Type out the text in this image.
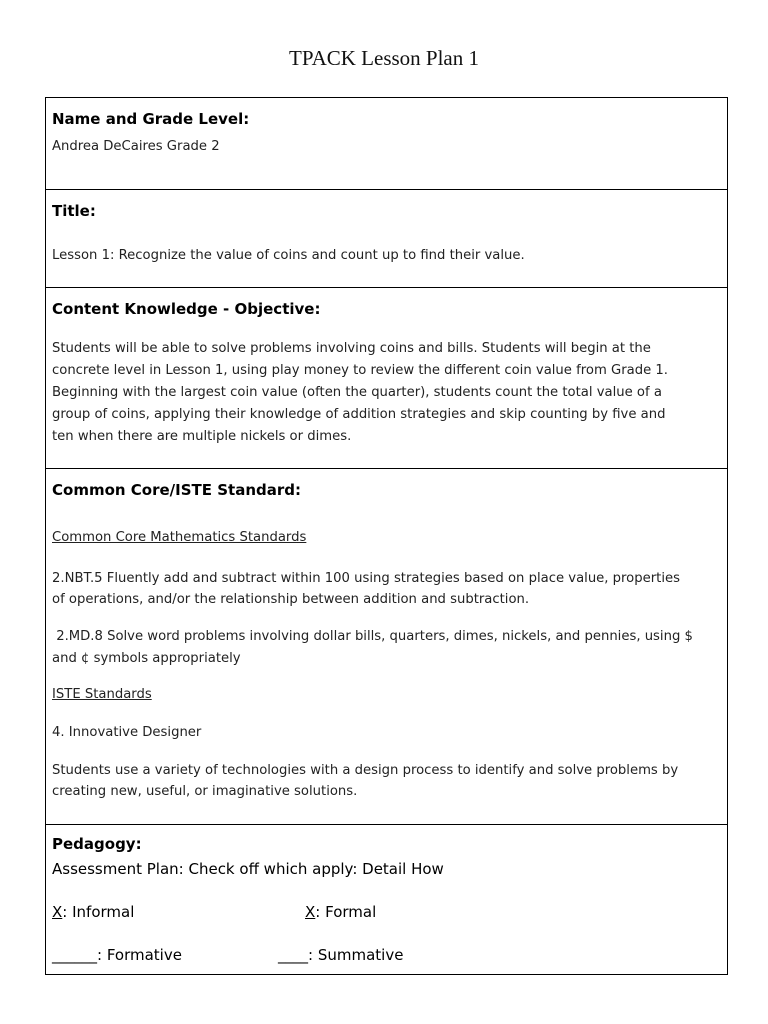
TPACK Lesson Plan 1
Name and Grade Level:
Andrea DeCaires Grade 2
Title:
Lesson 1: Recognize the value of coins and count up to find their value.
Content Knowledge - Objective:
Students will be able to solve problems involving coins and bills. Students will begin at the
concrete level in Lesson 1, using play money to review the different coin value from Grade 1.
Beginning with the largest coin value (often the quarter), students count the total value of a
group of coins, applying their knowledge of addition strategies and skip counting by five and
ten when there are multiple nickels or dimes.
Common Core/ISTE Standard:
Common Core Mathematics Standards
2.NBT.5 Fluently add and subtract within 100 using strategies based on place value, properties
of operations, and/or the relationship between addition and subtraction.
2.MD.8 Solve word problems involving dollar bills, quarters, dimes, nickels, and pennies, using $
and ¢ symbols appropriately
ISTE Standards
4. Innovative Designer
Students use a variety of technologies with a design process to identify and solve problems by
creating new, useful, or imaginative solutions.
Pedagogy:
Assessment Plan: Check off which apply: Detail How
X: Informal	X: Formal
______: Formative	____: Summative
